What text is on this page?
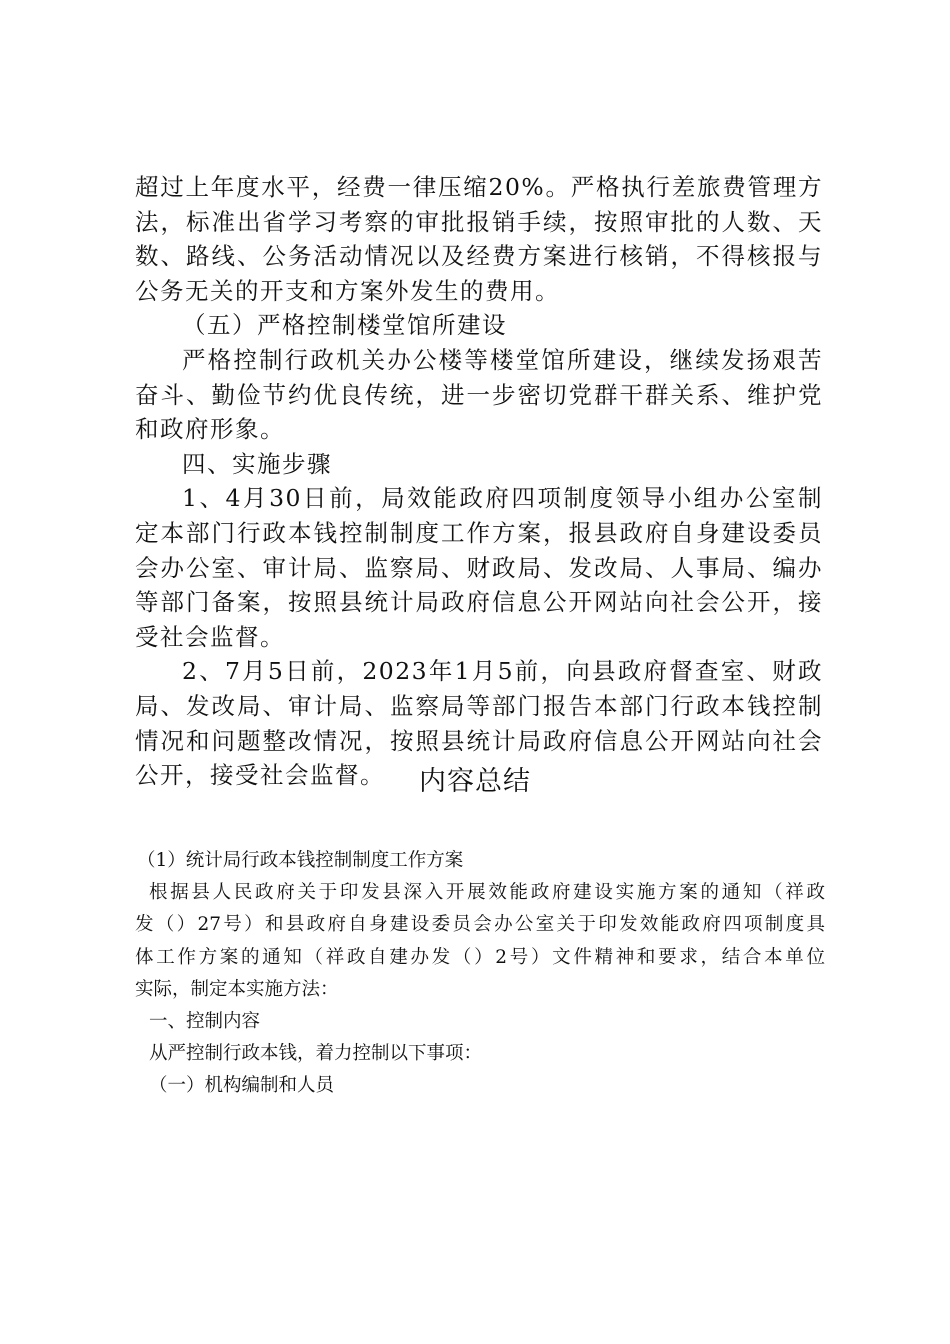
超过上年度水平，经费一律压缩20%。严格执行差旅费管理方
法，标准出省学习考察的审批报销手续，按照审批的人数、天
数、路线、公务活动情况以及经费方案进行核销，不得核报与
公务无关的开支和方案外发生的费用。

（五）严格控制楼堂馆所建设

严格控制行政机关办公楼等楼堂馆所建设，继续发扬艰苦
奋斗、勤俭节约优良传统，进一步密切党群干群关系、维护党
和政府形象。

四、实施步骤

1、4月30日前，局效能政府四项制度领导小组办公室制
定本部门行政本钱控制制度工作方案，报县政府自身建设委员
会办公室、审计局、监察局、财政局、发改局、人事局、编办
等部门备案，按照县统计局政府信息公开网站向社会公开，接
受社会监督。

2、7月5日前，2023年1月5前，向县政府督查室、财政
局、发改局、审计局、监察局等部门报告本部门行政本钱控制
情况和问题整改情况，按照县统计局政府信息公开网站向社会
公开，接受社会监督。	内容总结

（1）统计局行政本钱控制制度工作方案

根据县人民政府关于印发县深入开展效能政府建设实施方案的通知（祥政
发（）27号）和县政府自身建设委员会办公室关于印发效能政府四项制度具
体工作方案的通知（祥政自建办发（）2号）文件精神和要求，结合本单位
实际，制定本实施方法：

一、控制内容

从严控制行政本钱，着力控制以下事项：

（一）机构编制和人员
